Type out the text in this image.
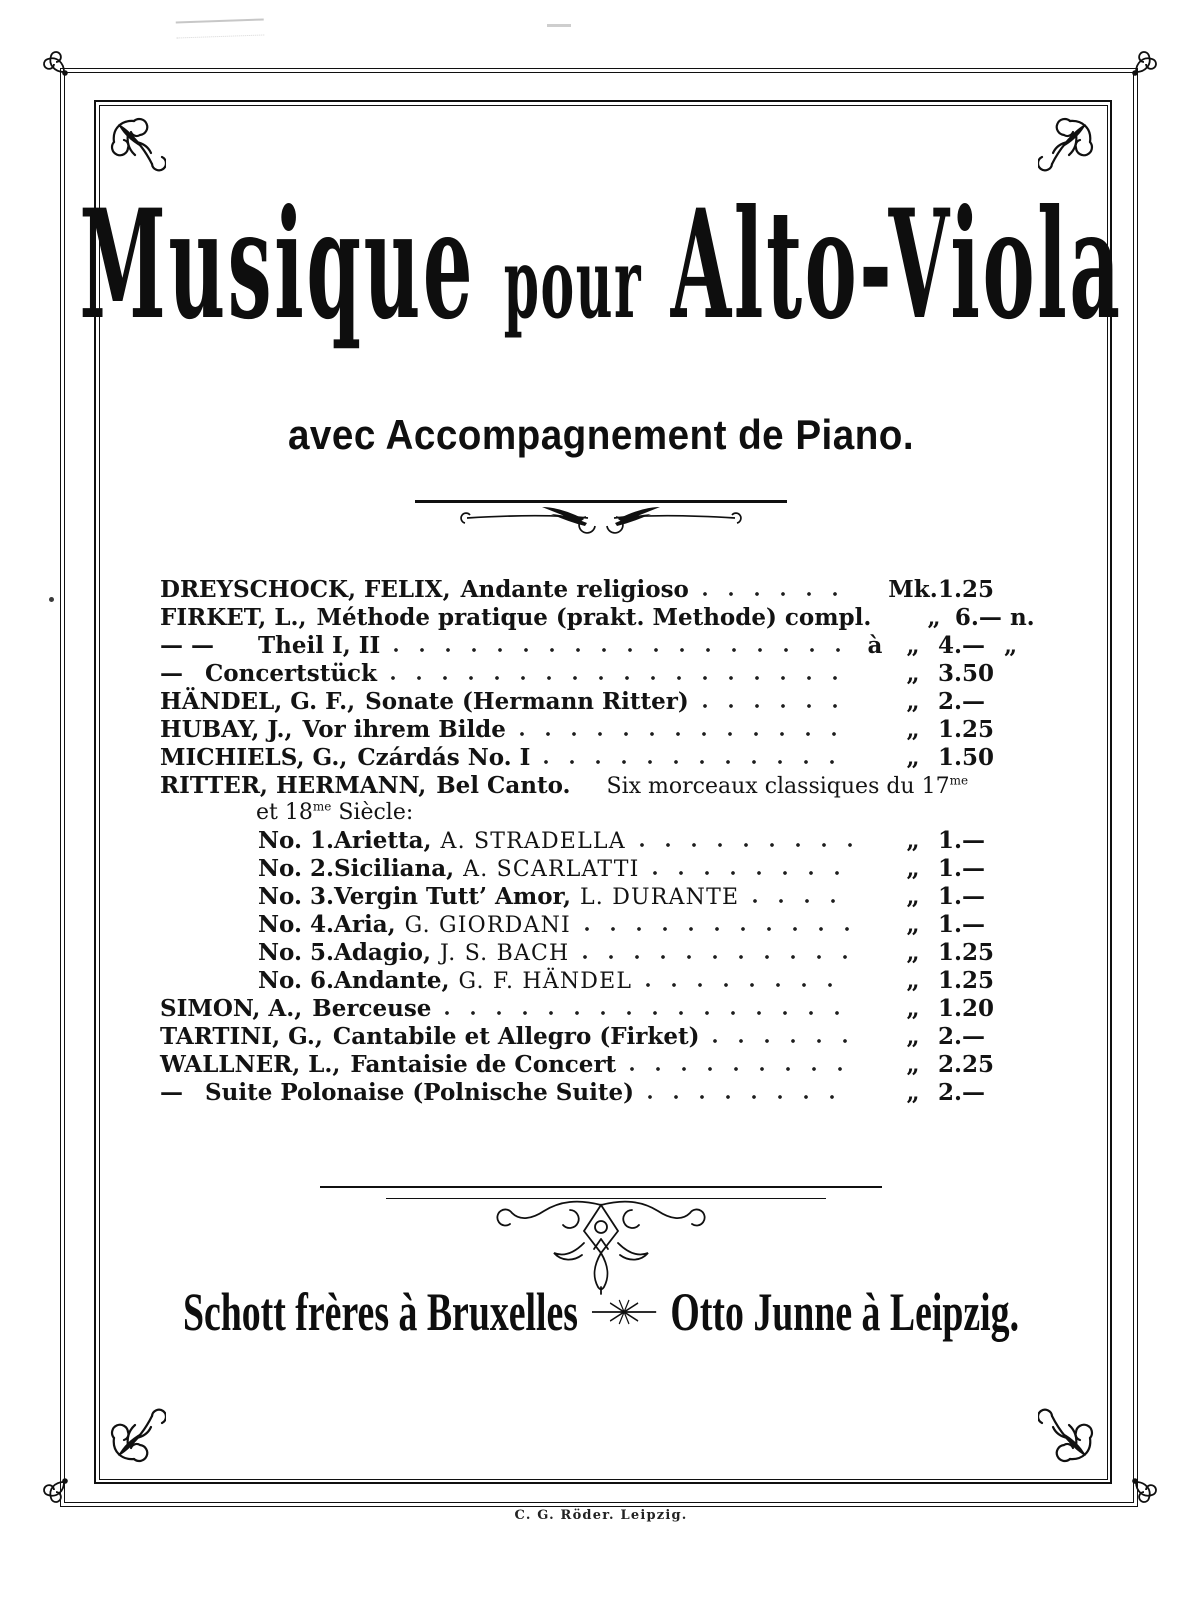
Musique pour Alto-Viola
avec Accompagnement de Piano.
DREYSCHOCK, FELIX, Andante religioso	Mk. 1.25
FIRKET, L., Méthode pratique (prakt. Methode) compl.	„ 6.— n.
— — Theil I, II	à	„ 4.— „
— Concertstück	„ 3.50
HÄNDEL, G. F., Sonate (Hermann Ritter)	„ 2.—
HUBAY, J., Vor ihrem Bilde	„ 1.25
MICHIELS, G., Czárdás No. I	„ 1.50
RITTER, HERMANN, Bel Canto. Six morceaux classiques du $17^{me}$
et $18^{me}$ Siècle:
No. 1. Arietta, A. STRADELLA	„ 1.—
No. 2. Siciliana, A. SCARLATTI	„ 1.—
No. 3. Vergin Tutt’ Amor, L. DURANTE	„ 1.—
No. 4. Aria, G. GIORDANI	„ 1.—
No. 5. Adagio, J. S. BACH	„ 1.25
No. 6. Andante, G. F. HÄNDEL	„ 1.25
SIMON, A., Berceuse	„ 1.20
TARTINI, G., Cantabile et Allegro (Firket)	„ 2.—
WALLNER, L., Fantaisie de Concert	„ 2.25
— Suite Polonaise (Polnische Suite)	„ 2.—
Schott frères à Bruxelles Otto Junne à Leipzig.
C. G. Röder. Leipzig.
